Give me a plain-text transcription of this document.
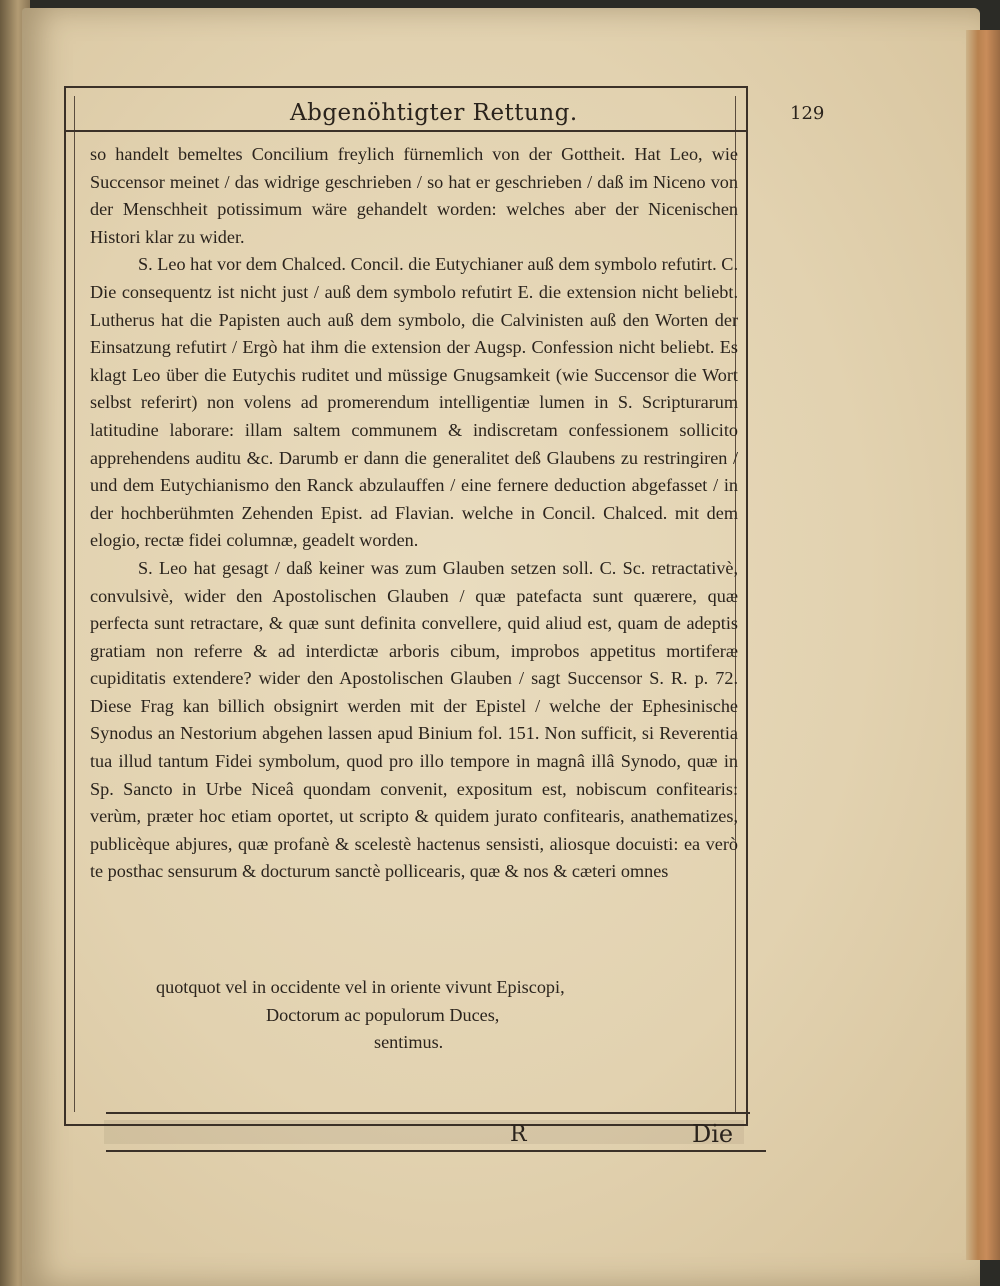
Abgenöhtigter Rettung.	129

so handelt bemeltes Concilium freylich fürnemlich von der Gottheit. Hat Leo, wie Succensor meinet / das widrige geschrieben / so hat er geschrieben / daß im Niceno von der Menschheit potissimum wäre gehandelt worden: welches aber der Nicenischen Histori klar zu wider.

S. Leo hat vor dem Chalced. Concil. die Eutychianer auß dem symbolo refutirt. C. Die consequentz ist nicht just / auß dem symbolo refutirt E. die extension nicht beliebt. Lutherus hat die Papisten auch auß dem symbolo, die Calvinisten auß den Worten der Einsatzung refutirt / Ergò hat ihm die extension der Augsp. Confession nicht beliebt. Es klagt Leo über die Eutychis ruditet und müssige Gnugsamkeit (wie Succensor die Wort selbst referirt) non volens ad promerendum intelligentiæ lumen in S. Scripturarum latitudine laborare: illam saltem communem & indiscretam confessionem sollicito apprehendens auditu &c. Darumb er dann die generalitet deß Glaubens zu restringiren / und dem Eutychianismo den Ranck abzulauffen / eine fernere deduction abgefasset / in der hochberühmten Zehenden Epist. ad Flavian. welche in Concil. Chalced. mit dem elogio, rectæ fidei columnæ, geadelt worden.

S. Leo hat gesagt / daß keiner was zum Glauben setzen soll. C. Sc. retractativè, convulsivè, wider den Apostolischen Glauben / quæ patefacta sunt quærere, quæ perfecta sunt retractare, & quæ sunt definita convellere, quid aliud est, quam de adeptis gratiam non referre & ad interdictæ arboris cibum, improbos appetitus mortiferæ cupiditatis extendere? wider den Apostolischen Glauben / sagt Succensor S. R. p. 72. Diese Frag kan billich obsignirt werden mit der Epistel / welche der Ephesinische Synodus an Nestorium abgehen lassen apud Binium fol. 151. Non sufficit, si Reverentia tua illud tantum Fidei symbolum, quod pro illo tempore in magnâ illâ Synodo, quæ in Sp. Sancto in Urbe Niceâ quondam convenit, expositum est, nobiscum confitearis: verùm, præter hoc etiam oportet, ut scripto & quidem jurato confitearis, anathematizes, publicèque abjures, quæ profanè & scelestè hactenus sensisti, aliosque docuisti: ea verò te posthac sensurum & docturum sanctè pollicearis, quæ & nos & cæteri omnes

quotquot vel in occidente vel in oriente vivunt Episcopi,
Doctorum ac populorum Duces,
sentimus.
R	Die
